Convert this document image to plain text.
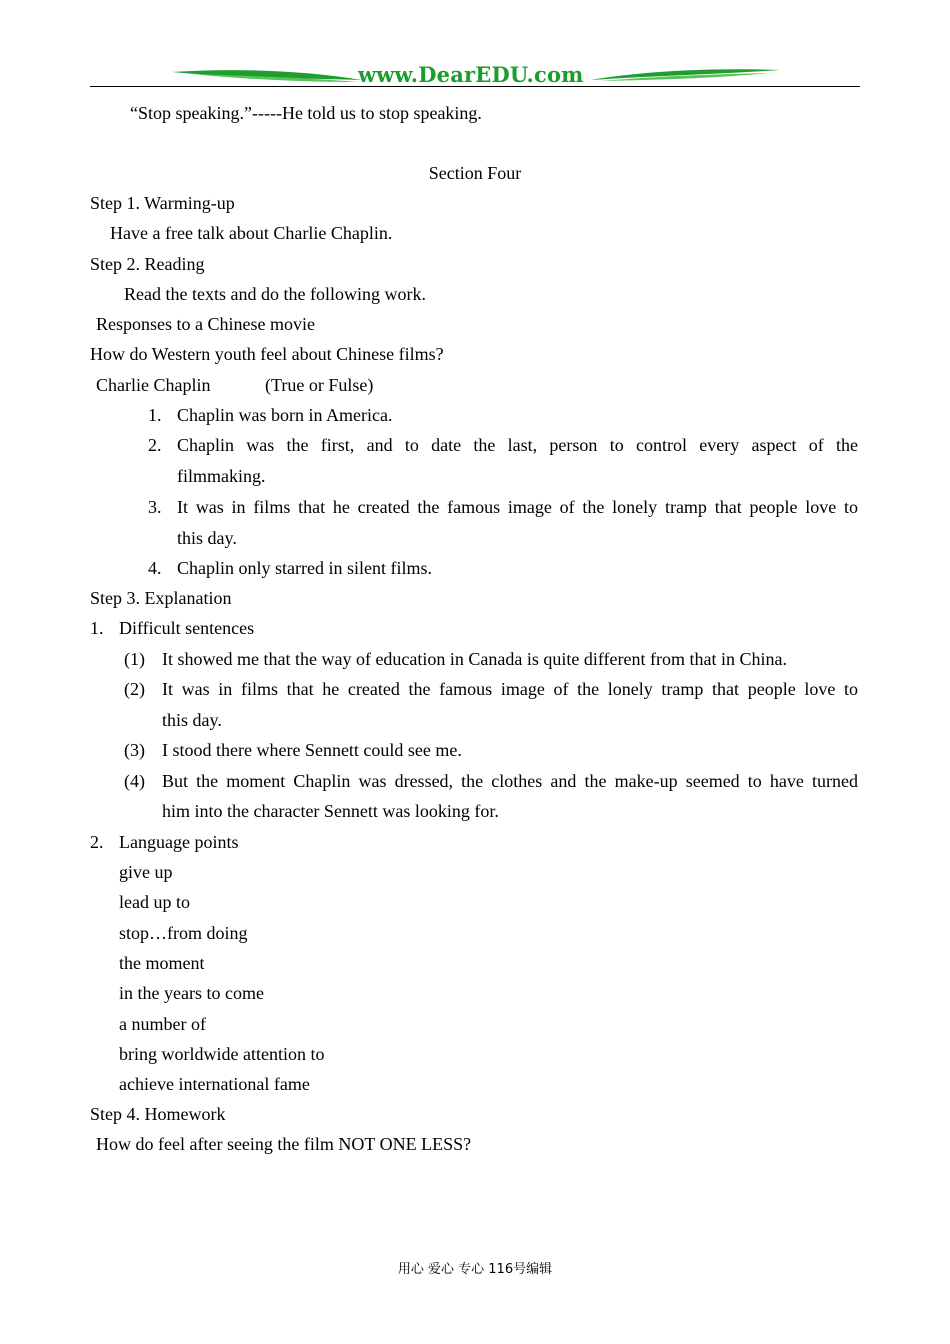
www.DearEDU.com
“Stop speaking.”-----He told us to stop speaking.
Section Four
Step 1. Warming-up
Have a free talk about Charlie Chaplin.
Step 2. Reading
Read the texts and do the following work.
Responses to a Chinese movie
How do Western youth feel about Chinese films?
Charlie Chaplin	(True or Fulse)
1. Chaplin was born in America.
2. Chaplin was the first, and to date the last, person to control every aspect of the
filmmaking.
3. It was in films that he created the famous image of the lonely tramp that people love to
this day.
4. Chaplin only starred in silent films.
Step 3. Explanation
1. Difficult sentences
(1) It showed me that the way of education in Canada is quite different from that in China.
(2) It was in films that he created the famous image of the lonely tramp that people love to
this day.
(3) I stood there where Sennett could see me.
(4) But the moment Chaplin was dressed, the clothes and the make-up seemed to have turned
him into the character Sennett was looking for.
2. Language points
give up
lead up to
stop…from doing
the moment
in the years to come
a number of
bring worldwide attention to
achieve international fame
Step 4. Homework
How do feel after seeing the film NOT ONE LESS?
用心 爱心 专心 116号编辑
